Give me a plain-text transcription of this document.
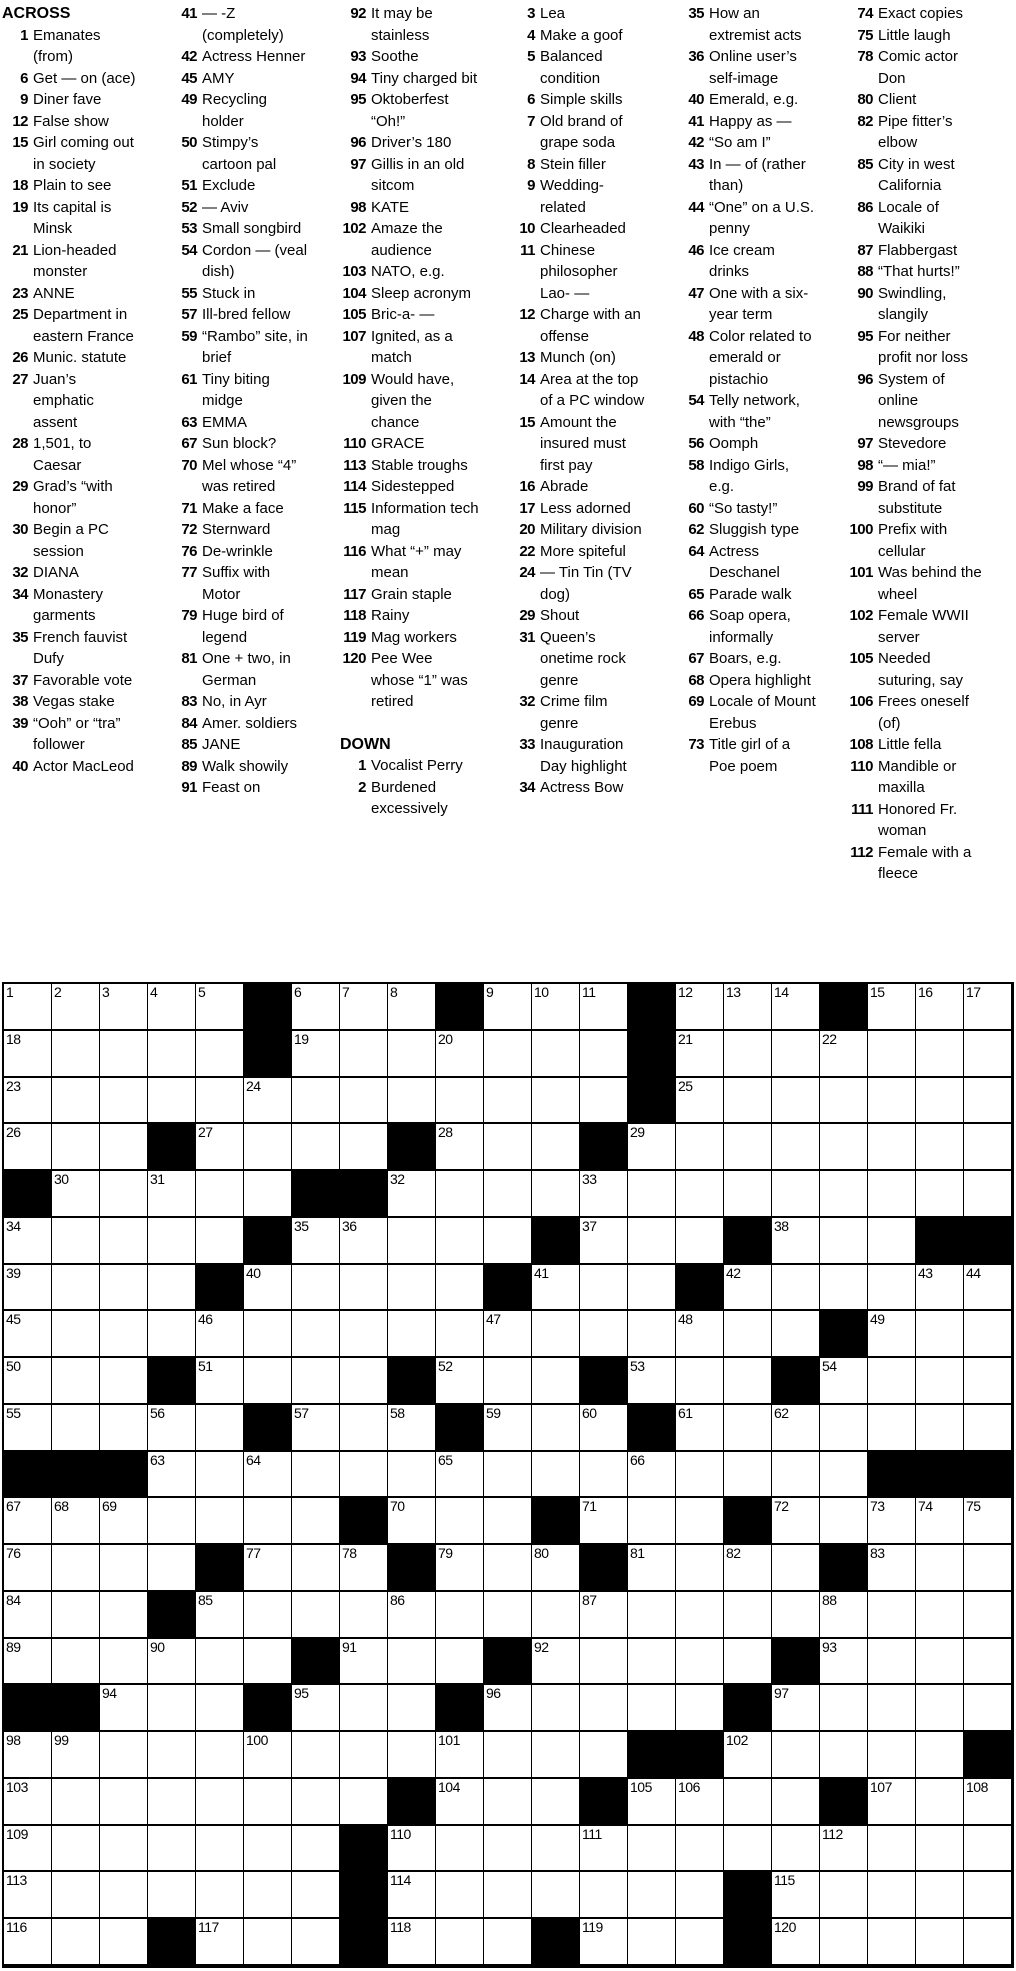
ACROSS
1 Emanates (from)
6 Get — on (ace)
9 Diner fave
12 False show
15 Girl coming out in society
18 Plain to see
19 Its capital is Minsk
21 Lion-headed monster
23 ANNE
25 Department in eastern France
26 Munic. statute
27 Juan’s emphatic assent
28 1,501, to Caesar
29 Grad’s “with honor”
30 Begin a PC session
32 DIANA
34 Monastery garments
35 French fauvist Dufy
37 Favorable vote
38 Vegas stake
39 “Ooh” or “tra” follower
40 Actor MacLeod
41 — -Z (completely)
42 Actress Henner
45 AMY
49 Recycling holder
50 Stimpy’s cartoon pal
51 Exclude
52 — Aviv
53 Small songbird
54 Cordon — (veal dish)
55 Stuck in
57 Ill-bred fellow
59 “Rambo” site, in brief
61 Tiny biting midge
63 EMMA
67 Sun block?
70 Mel whose “4” was retired
71 Make a face
72 Sternward
76 De-wrinkle
77 Suffix with Motor
79 Huge bird of legend
81 One + two, in German
83 No, in Ayr
84 Amer. soldiers
85 JANE
89 Walk showily
91 Feast on
92 It may be stainless
93 Soothe
94 Tiny charged bit
95 Oktoberfest “Oh!”
96 Driver’s 180
97 Gillis in an old sitcom
98 KATE
102 Amaze the audience
103 NATO, e.g.
104 Sleep acronym
105 Bric-a- —
107 Ignited, as a match
109 Would have, given the chance
110 GRACE
113 Stable troughs
114 Sidestepped
115 Information tech mag
116 What “+” may mean
117 Grain staple
118 Rainy
119 Mag workers
120 Pee Wee whose “1” was retired
DOWN
1 Vocalist Perry
2 Burdened excessively
3 Lea
4 Make a goof
5 Balanced condition
6 Simple skills
7 Old brand of grape soda
8 Stein filler
9 Wedding-related
10 Clearheaded
11 Chinese philosopher Lao- —
12 Charge with an offense
13 Munch (on)
14 Area at the top of a PC window
15 Amount the insured must first pay
16 Abrade
17 Less adorned
20 Military division
22 More spiteful
24 — Tin Tin (TV dog)
29 Shout
31 Queen’s onetime rock genre
32 Crime film genre
33 Inauguration Day highlight
34 Actress Bow
35 How an extremist acts
36 Online user’s self-image
40 Emerald, e.g.
41 Happy as —
42 “So am I”
43 In — of (rather than)
44 “One” on a U.S. penny
46 Ice cream drinks
47 One with a six-year term
48 Color related to emerald or pistachio
54 Telly network, with “the”
56 Oomph
58 Indigo Girls, e.g.
60 “So tasty!”
62 Sluggish type
64 Actress Deschanel
65 Parade walk
66 Soap opera, informally
67 Boars, e.g.
68 Opera highlight
69 Locale of Mount Erebus
73 Title girl of a Poe poem
74 Exact copies
75 Little laugh
78 Comic actor Don
80 Client
82 Pipe fitter’s elbow
85 City in west California
86 Locale of Waikiki
87 Flabbergast
88 “That hurts!”
90 Swindling, slangily
95 For neither profit nor loss
96 System of online newsgroups
97 Stevedore
98 “— mia!”
99 Brand of fat substitute
100 Prefix with cellular
101 Was behind the wheel
102 Female WWII server
105 Needed suturing, say
106 Frees oneself (of)
108 Little fella
110 Mandible or maxilla
111 Honored Fr. woman
112 Female with a fleece
1	2	3	4	5	6	7	8	9	10 11	12 13 14	15 16 17
18	19	20	21	22
23	24	25
26	27	28	29
30	31	32	33
34	35 36	37	38
39	40	41	42	43 44
45	46	47	48	49
50	51	52	53	54
55	56	57	58	59	60	61	62
63	64	65	66
67 68 69	70	71	72	73 74 75
76	77	78	79	80	81	82	83
84	85	86	87	88
89	90	91	92	93
94	95	96	97
98 99	100	101	102
103	104	105 106	107	108
109	110	111	112
113	114	115
116	117	118	119	120
